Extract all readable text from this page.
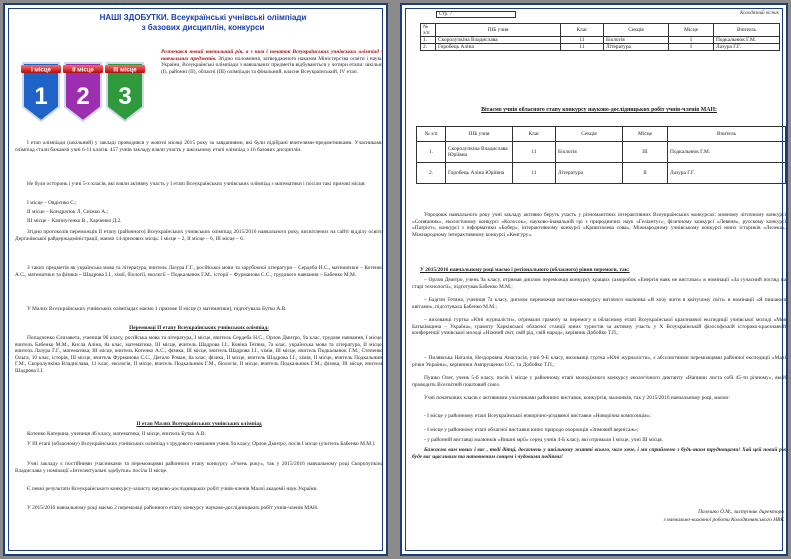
НАШІ ЗДОБУТКИ. Всеукраїнські учнівські олімпіади
з базових дисциплін, конкурси
I місце
1
II місце
2
III місце
3

Розпочався новий навчальний рік, а з ним і початок Всеукраїнських учнівських олімпіад з навчальних предметів. Згідно положення, затвердженого наказом Міністерства освіти і науки України, Всеукраїнські олімпіади з навчальних предметів відбуваються у чотири етапи: шкільні (I), районні (II), обласні (III) олімпіади та фінальний, власне Всеукраїнський, IV етап.

I етап олімпіади (шкільний) у закладі проводився у жовтні місяці 2015 року за завданнями, які були підібрані вчителями-предметниками. Учасниками олімпіад стали бажаючі учні 6-11 класів. 457 учнів закладу взяли участь у шкільному етапі олімпіад з 16 базових дисциплін.

Не були осторонь і учні 5-х класів, які взяли активну участь у I етапі Всеукраїнських учнівських олімпіад з математики і посіли такі призові місця:

I місце – Овдієнко С.;

II місце – Кондратюк Л, Сніжко А.;

III місце – Капінусенко В., Харченко Д.2.

Згідно протоколів переможців II етапу (районного) Всеукраїнських учнівських олімпіад 2015/2016 навчального року, висвітлених на сайті відділу освіти Дергачівської райдержадміністрації, маємо 14 призових місць: I місце – 2, II місце – 6, III місце – 6.

З таких предметів як українська мова та література, вчитель Лазура Г.Г., російської мови та зарубіжної літератури – Сердеба Н.С., математики – Котенко А.С., математики та фізики – Шадрова І.І., хімії, біології, екології – Подкальнюк Г.М., історії – Фурманова С.С., трудового навчання – Бабенко М.М.

У Малих Всеукраїнських учнівських олімпіадах маємо 1 призове II місце (з математики), підготувала Бутко А.В.

Переможці II етапу Всеукраїнських учнівських олімпіад:

Попадченко Єлизавета, учениця 9б класу, російська мова та література, I місце, вчитель Сердеба Н.С., Орлов Дмитро, 9а клас, трудове навчання, I місце, вчитель Бабенко М.М., Кисла Аліна, 8а клас, математика, III місце, вчитель Шадрова І.І., Ковіна Тетяна, 7а клас, українська мова та література, II місце, вчитель Лазура Г.Г., математика, III місце, вчитель Котенко А.С.; фізика, III місце, вчитель Шадрова І.І., хімія, III місце, вчитель Подкальнюк Г.М., Степенко Ольга, 10 клас, історія, III місце, вчитель Фурманова С.С., Дягало Роман, 8а клас, фізика, II місце, вчитель Шадрова І.І., хімія, II місце, вчитель Подкальнюк Г.М., Скоролупкіна Владислава, 11 клас, екологія, II місце, вчитель Подкальнюк Г.М., біологія, II місце, вчитель Подкальнюк Г.М.; фізика, III місце, вчитель Шадрова І.І.

II етап Малих Всеукраїнських учнівських олімпіад

Котенко Катерина, учениця 4б класу, математика, II місце, вчитель Бутко А.В.

У III етапі (обласному) Всеукраїнських учнівських олімпіад з трудового навчання учень 9а класу, Орлов Дмитро, посів I місце (учитель Бабенко М.М.).

Учні закладу є постійними учасниками та переможцями районного етапу конкурсу «Учень року», так у 2015/2016 навчальному році Скоролупкіна Владислава у номінації «Інтелектуальні здобутки» посіла II місце.

Є певні результати Всеукраїнського конкурсу-захисту науково-дослідницьких робіт учнів-членів Малої академії наук України.

У 2015/2016 навчальному році маємо 2 переможці районного етапу конкурсу науково-дослідницьких робіт учнів-членів МАН.

Стр. 7	Колодязний вісник
№ з/п	ПІБ учня	Клас	Секція	Місце	Вчитель
1.	Скоролупкіна Владислава	11	Біологія	I	Подкальнюк Г.М.
2.	Горобець Аліна	11	Література	I	Лазура Г.Г.

Вітаємо учнів обласного етапу конкурсу науково-дослідницьких робіт учнів-членів МАН:

№ з/п	ПІБ учня	Клас	Секція	Місце	Вчитель
1.	Скоролупкіна Владислава Юріївна	11	Біологія	III	Подкальнюк Г.М.
2.	Горобець Аліна Юріївна	11	Література	II	Лазура Г.Г.

Упродовж навчального року учні закладу активно беруть участь у різноманітних інтерактивних Всеукраїнських конкурсах: мовному літичному конкурсі «Соняшник», екологічному конкурсі «Колосок», науково-інавальній грі з природничих наук «Геліантус», фізичному конкурсі «Левеня», русскому конкурсі «Патріот», конкурсі з інформатики «Бобер», інтерактивному конкурсі «Кришталева сова», Міжнародному учнівському конкурсі юних істориків «Лелека», Міжнародному інтерактивному конкурсі «Кенгуру».

У 2015/2016 навчальному році маємо і регіонального (обласного) рівня перемоги, так:

– Орлов Дмитро, учень 9а класу, отримав диплом переможця конкурсу кращих саморобок «Енергія наяк не вистачає» в номінації «За сучасний погляд на старі технології», підготував Бабенко М.М.;

– Бадгин Тетяна, учениця 7а класу, диплом переможця виставки-конкурсу витачого малюнка «Я хочу жити в квітучому світі» в номінації «Я пишаюся квітами», підготувала Бабенко М.М.;

– вихованці гуртка «Юні журналісти», отримали грамоту за перемогу в обласному етапі Всеукраїнської краєзнавчої експедиції учнівської молоді «Моя Батьківщина – Україна», грамоту Харківської обласної станції юних туристів за активну участь у Х Всеукраїнській фізософській історико-краєзнавчій конференції учнівської молоді «Ніжний світ, свій рід, свій народ», керівник Добойко Т.П.;

– Пилявська Наталія, Нездоровна Анастасія, учні 9-Б класу, вихованці гуртка «Юні журналісти», є абсолютними переможцями районної експедиції «Малі річки України», керівники Ампрущенко О.С. та Добойко Т.П.;

Пушко Олег, учень 5-б класу, посів I місце у районному етапі молодіжного конкурсу екологічного диктанту «Напиши листа собі 45-ти річному», який проводить Всесвітній поштовий союз.

Учні початкових класів є активними учасниками районних виставок, конкурсів, малюнків, так у 2015/2016 навчальному році, маємо:

- I місце у районному етапі Всеукраїнської новорічно-різдвяної виставки «Новорічна композиція»;

- I місце у районному етапі обласної виставки юних природо охоронців «Зимовий вернісаж»;

- у районній виставці малюнків «Вишні мрії» серед учнів 4-Б класу, які отримали I місце, учні III місця.

Бажаємо вам нових і вас , тоді дітці, досягнень у шкільному житті всього, чого хоче, і ми сприймемо з будь-яким труднощами! Хай цей новий рік буде вас щасливим та наповненим сонцем і чудовими подіями!

Палешко О.М., заступник директора

з навчально-виховної роботи Колодязнянського НВК
